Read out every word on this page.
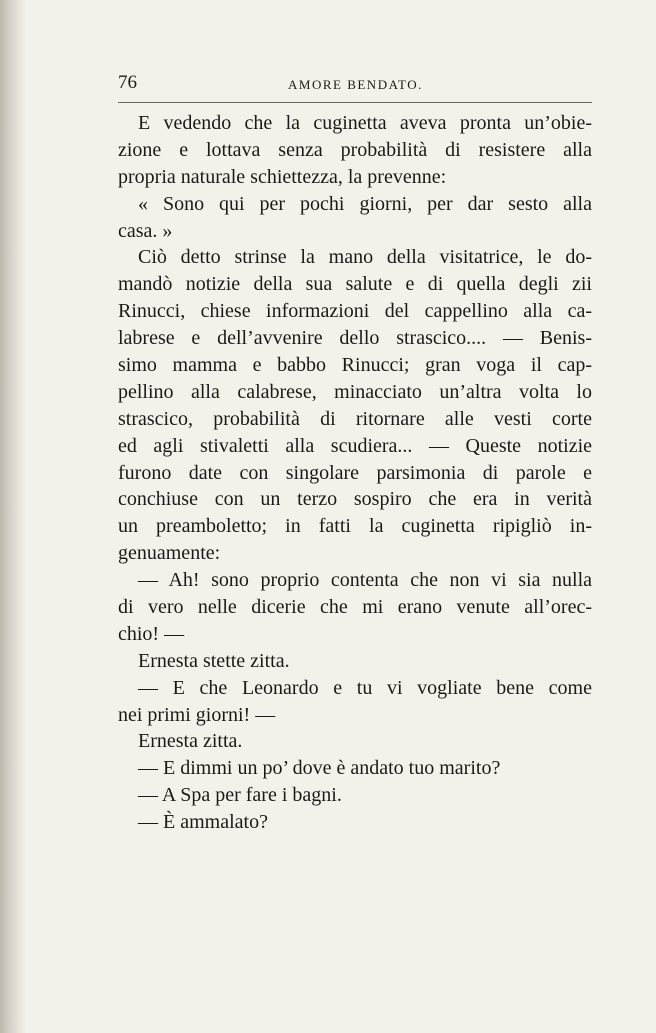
76	AMORE BENDATO.
E vedendo che la cuginetta aveva pronta un’obie-
zione e lottava senza probabilità di resistere alla
propria naturale schiettezza, la prevenne:
« Sono qui per pochi giorni, per dar sesto alla
casa. »
Ciò detto strinse la mano della visitatrice, le do-
mandò notizie della sua salute e di quella degli zii
Rinucci, chiese informazioni del cappellino alla ca-
labrese e dell’avvenire dello strascico.... — Benis-
simo mamma e babbo Rinucci; gran voga il cap-
pellino alla calabrese, minacciato un’altra volta lo
strascico, probabilità di ritornare alle vesti corte
ed agli stivaletti alla scudiera... — Queste notizie
furono date con singolare parsimonia di parole e
conchiuse con un terzo sospiro che era in verità
un preamboletto; in fatti la cuginetta ripigliò in-
genuamente:
— Ah! sono proprio contenta che non vi sia nulla
di vero nelle dicerie che mi erano venute all’orec-
chio! —
Ernesta stette zitta.
— E che Leonardo e tu vi vogliate bene come
nei primi giorni! —
Ernesta zitta.
— E dimmi un po’ dove è andato tuo marito?
— A Spa per fare i bagni.
— È ammalato?
